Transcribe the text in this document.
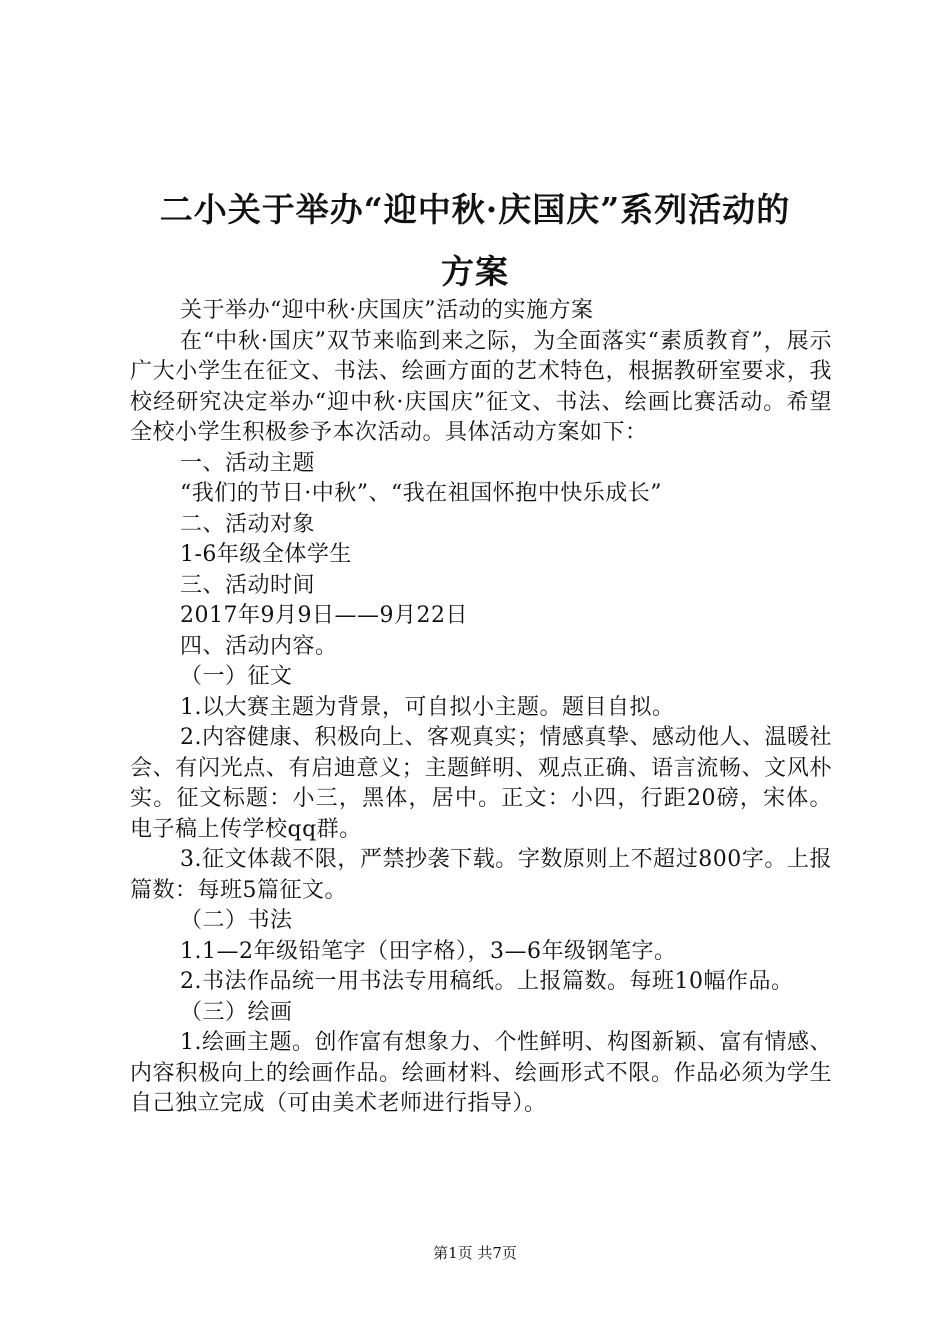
二小关于举办“迎中秋·庆国庆”系列活动的
方案

关于举办“迎中秋·庆国庆”活动的实施方案

在“中秋·国庆”双节来临到来之际，为全面落实“素质教育”，展示广大小学生在征文、书法、绘画方面的艺术特色，根据教研室要求，我校经研究决定举办“迎中秋·庆国庆”征文、书法、绘画比赛活动。希望全校小学生积极参予本次活动。具体活动方案如下：

一、活动主题

“我们的节日·中秋”、“我在祖国怀抱中快乐成长”

二、活动对象

1-6年级全体学生

三、活动时间

2017年9月9日——9月22日

四、活动内容。

（一）征文

1.以大赛主题为背景，可自拟小主题。题目自拟。

2.内容健康、积极向上、客观真实；情感真挚、感动他人、温暖社会、有闪光点、有启迪意义；主题鲜明、观点正确、语言流畅、文风朴实。征文标题：小三，黑体，居中。正文：小四，行距20磅，宋体。电子稿上传学校qq群。

3.征文体裁不限，严禁抄袭下载。字数原则上不超过800字。上报篇数：每班5篇征文。

（二）书法

1.1—2年级铅笔字（田字格），3—6年级钢笔字。

2.书法作品统一用书法专用稿纸。上报篇数。每班10幅作品。

（三）绘画

1.绘画主题。创作富有想象力、个性鲜明、构图新颖、富有情感、内容积极向上的绘画作品。绘画材料、绘画形式不限。作品必须为学生自己独立完成（可由美术老师进行指导）。

第1页 共7页
